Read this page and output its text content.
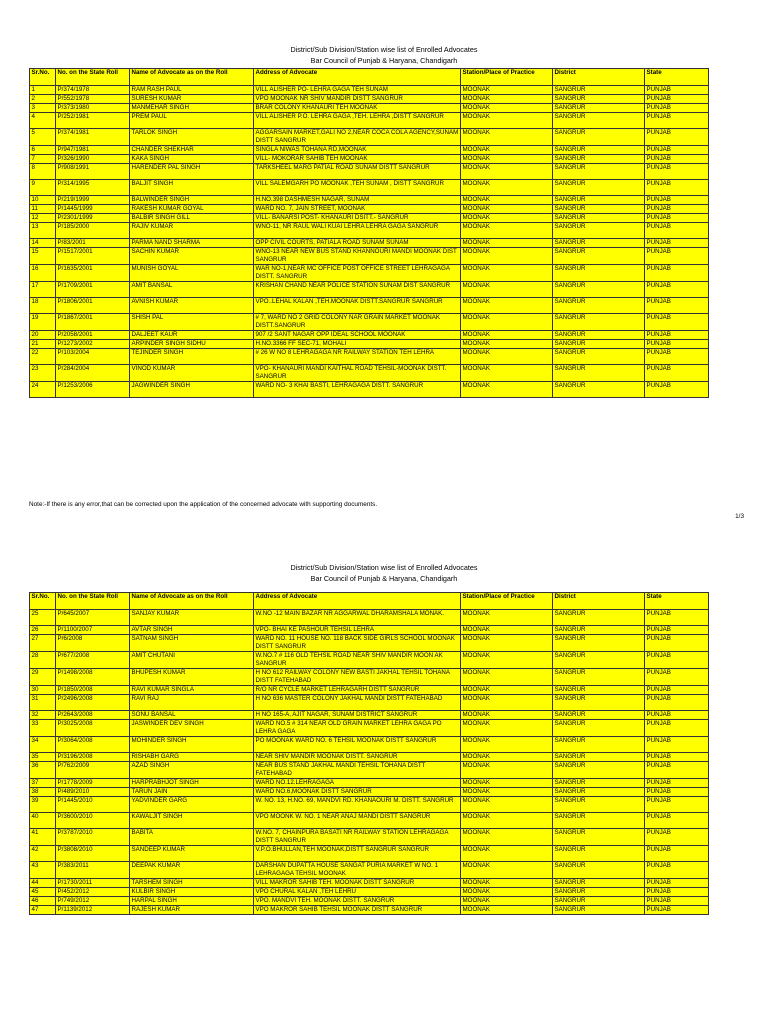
District/Sub Division/Station wise list of Enrolled Advocates
Bar Council of Punjab & Haryana, Chandigarh
Sr.No.	No. on the State Roll	Name of Advocate as on the Roll	Address of Advocate	Station/Place of Practice	District	State
1	P/374/1978	RAM RASH PAUL	VILL ALISHER PO- LEHRA GAGA TEH SUNAM	MOONAK	SANGRUR	PUNJAB
2	P/552/1978	SURESH KUMAR	VPO MOONAK NR SHIV MANDIR DISTT SANGRUR	MOONAK	SANGRUR	PUNJAB
3	P/373/1980	MANMEHAR SINGH	BRAR COLONY KHANAURI TEH MOONAK	MOONAK	SANGRUR	PUNJAB
4	P/252/1981	PREM PAUL	VILL ALISHER P.O. LEHRA GAGA ,TEH. LEHRA ,DISTT SANGRUR	MOONAK	SANGRUR	PUNJAB
5	P/374/1981	TARLOK SINGH	AGGARSAIN MARKET,GALI NO 2,NEAR COCA COLA AGENCY,SUNAM DISTT SANGRUR	MOONAK	SANGRUR	PUNJAB
6	P/947/1981	CHANDER SHEKHAR	SINGLA NIWAS TOHANA RD,MOONAK	MOONAK	SANGRUR	PUNJAB
7	P/326/1990	KAKA SINGH	VILL- MOKORAR SAHIB TEH MOONAK	MOONAK	SANGRUR	PUNJAB
8	P/908/1991	HARENDER PAL SINGH	TARKSHEEL MARG PATIAL ROAD SUNAM DISTT SANGRUR	MOONAK	SANGRUR	PUNJAB
9	P/314/1995	BALJIT SINGH	VILL SALEMGARH PO MOONAK ,TEH SUNAM , DISTT SANGRUR	MOONAK	SANGRUR	PUNJAB
10	P/219/1999	BALWINDER SINGH	H.NO.398 DASHMESH NAGAR, SUNAM	MOONAK	SANGRUR	PUNJAB
11	P/1445/1999	RAKESH KUMAR GOYAL	WARD NO. 7, JAIN STREET, MOONAK	MOONAK	SANGRUR	PUNJAB
12	P/2301/1999	BALBIR SINGH GILL	VILL- BANARSI POST- KHANAURI DSITT.- SANGRUR	MOONAK	SANGRUR	PUNJAB
13	P/185/2000	RAJIV KUMAR	WNO-11, NR RAUL WALI KUAI LEHRA LEHRA GAGA SANGRUR	MOONAK	SANGRUR	PUNJAB
14	P/83/2001	PARMA NAND SHARMA	OPP CIVIL COURTS, PATIALA ROAD SUNAM SUNAM	MOONAK	SANGRUR	PUNJAB
15	P/1517/2001	SACHIN KUMAR	WNO-13 NEAR NEW BUS STAND KHANNOURI MANDI MOONAK DIST SANGRUR	MOONAK	SANGRUR	PUNJAB
16	P/1635/2001	MUNISH GOYAL	WAR NO-1,NEAR MC OFFICE POST OFFICE STREET LEHRAGAGA DISTT. SANGRUR	MOONAK	SANGRUR	PUNJAB
17	P/1709/2001	AMIT BANSAL	KRISHAN CHAND NEAR POLICE STATION SUNAM DIST SANGRUR	MOONAK	SANGRUR	PUNJAB
18	P/1806/2001	AVNISH KUMAR	VPO..LEHAL KALAN ,TEH.MOONAK DISTT.SANGRUR SANGRUR	MOONAK	SANGRUR	PUNJAB
19	P/1867/2001	SHISH PAL	# 7, WARD NO 2 GRID COLONY NAR GRAIN MARKET MOONAK DISTT.SANGRUR	MOONAK	SANGRUR	PUNJAB
20	P/2058/2001	DALJEET KAUR	907 /2 SANT NAGAR OPP IDEAL SCHOOL MOONAK	MOONAK	SANGRUR	PUNJAB
21	P/1273/2002	ARPINDER SINGH SIDHU	H.NO.3366 FF SEC-71, MOHALI	MOONAK	SANGRUR	PUNJAB
22	P/103/2004	TEJINDER SINGH	# 26 W NO 8 LEHRAGAGA NR RAILWAY STATION TEH LEHRA	MOONAK	SANGRUR	PUNJAB
23	P/284/2004	VINOD KUMAR	VPO- KHANAURI MANDI KAITHAL ROAD TEHSIL-MOONAK DISTT. SANGRUR	MOONAK	SANGRUR	PUNJAB
24	P/1253/2006	JAGWINDER SINGH	WARD NO- 3 KHAI BASTI, LEHRAGAGA DISTT. SANGRUR	MOONAK	SANGRUR	PUNJAB
Note:-If there is any error,that can be corrected upon the application of the concerned advocate with supporting documents.
1/3
District/Sub Division/Station wise list of Enrolled Advocates
Bar Council of Punjab & Haryana, Chandigarh
Sr.No.	No. on the State Roll	Name of Advocate as on the Roll	Address of Advocate	Station/Place of Practice	District	State
25	P/645/2007	SANJAY KUMAR	W.NO -12 MAIN BAZAR NR AGGARWAL DHARAMSHALA MONAK.	MOONAK	SANGRUR	PUNJAB
26	P/1100/2007	AVTAR SINGH	VPO- BHAI KE PASHOUR TEHSIL LEHRA	MOONAK	SANGRUR	PUNJAB
27	P/6/2008	SATNAM SINGH	WARD NO. 11 HOUSE NO. 118 BACK SIDE GIRLS SCHOOL MOONAK DISTT SANGRUR	MOONAK	SANGRUR	PUNJAB
28	P/677/2008	AMIT CHUTANI	W.NO.7 # 116 OLD TEHSIL ROAD NEAR SHIV MANDIR MOON AK SANGRUR	MOONAK	SANGRUR	PUNJAB
29	P/1498/2008	BHUPESH KUMAR	H NO 612 RAILWAY COLONY NEW BASTI JAKHAL TEHSIL TOHANA DISTT FATEHABAD	MOONAK	SANGRUR	PUNJAB
30	P/1850/2008	RAVI KUMAR SINGLA	R/O NR CYCLE MARKET LEHRAGARH DISTT SANGRUR	MOONAK	SANGRUR	PUNJAB
31	P/2496/2008	RAVI RAJ	H NO 636 MASTER COLONY JAKHAL MANDI DISTT FATEHABAD	MOONAK	SANGRUR	PUNJAB
32	P/2643/2008	SONU BANSAL	H NO 165-A, AJIT NAGAR, SUNAM DISTRICT SANGRUR	MOONAK	SANGRUR	PUNJAB
33	P/3025/2008	JASWINDER DEV SINGH	WARD NO.5 # 314 NEAR OLD GRAIN MARKET LEHRA GAGA PO LEHRA GAGA	MOONAK	SANGRUR	PUNJAB
34	P/3064/2008	MOHINDER SINGH	PO MOONAK WARD NO. 6 TEHSIL MOONAK DISTT SANGRUR	MOONAK	SANGRUR	PUNJAB
35	P/3196/2008	RISHABH GARG	NEAR SHIV MANDIR MOONAK DISTT. SANGRUR	MOONAK	SANGRUR	PUNJAB
36	P/762/2009	AZAD SINGH	NEAR BUS STAND JAKHAL MANDI TEHSIL TOHANA DISTT FATEHABAD	MOONAK	SANGRUR	PUNJAB
37	P/1778/2009	HARPRABHJOT SINGH	WARD NO.12.LEHRAGAGA	MOONAK	SANGRUR	PUNJAB
38	P/489/2010	TARUN JAIN	WARD NO.6,MOONAK DISTT SANGRUR	MOONAK	SANGRUR	PUNJAB
39	P/1445/2010	YADVINDER GARG	W. NO. 13, H.NO. 69, MANDVI RD. KHANAOURI M. DISTT. SANGRUR	MOONAK	SANGRUR	PUNJAB
40	P/3600/2010	KAWALJIT SINGH	VPO MOONK W. NO. 1 NEAR ANAJ MANDI DISTT SANGRUR	MOONAK	SANGRUR	PUNJAB
41	P/3787/2010	BABITA	W.NO. 7, CHAINPURA BASATI NR RAILWAY STATION LEHRAGAGA DISTT SANGRUR	MOONAK	SANGRUR	PUNJAB
42	P/3808/2010	SANDEEP KUMAR	V.P.O.BHULLAN,TEH MOONAK,DISTT SANGRUR SANGRUR	MOONAK	SANGRUR	PUNJAB
43	P/383/2011	DEEPAK KUMAR	DARSHAN DUPATTA HOUSE SANGAT PURIA MARKET W NO. 1 LEHRAGAGA TEHSIL MOONAK	MOONAK	SANGRUR	PUNJAB
44	P/1730/2011	TARSHEM SINGH	VILL MAKROR SAHIB TEH. MOONAK DISTT SANGRUR	MOONAK	SANGRUR	PUNJAB
45	P/452/2012	KULBIR SINGH	VPO CHURAL KALAN ,TEH LEHRU	MOONAK	SANGRUR	PUNJAB
46	P/749/2012	HARPAL SINGH	VPO. MANDVI TEH. MOONAK DISTT. SANGRUR	MOONAK	SANGRUR	PUNJAB
47	P/1139/2012	RAJESH KUMAR	VPO MAKROR SAHIB TEHSIL MOONAK DISTT SANGRUR	MOONAK	SANGRUR	PUNJAB
